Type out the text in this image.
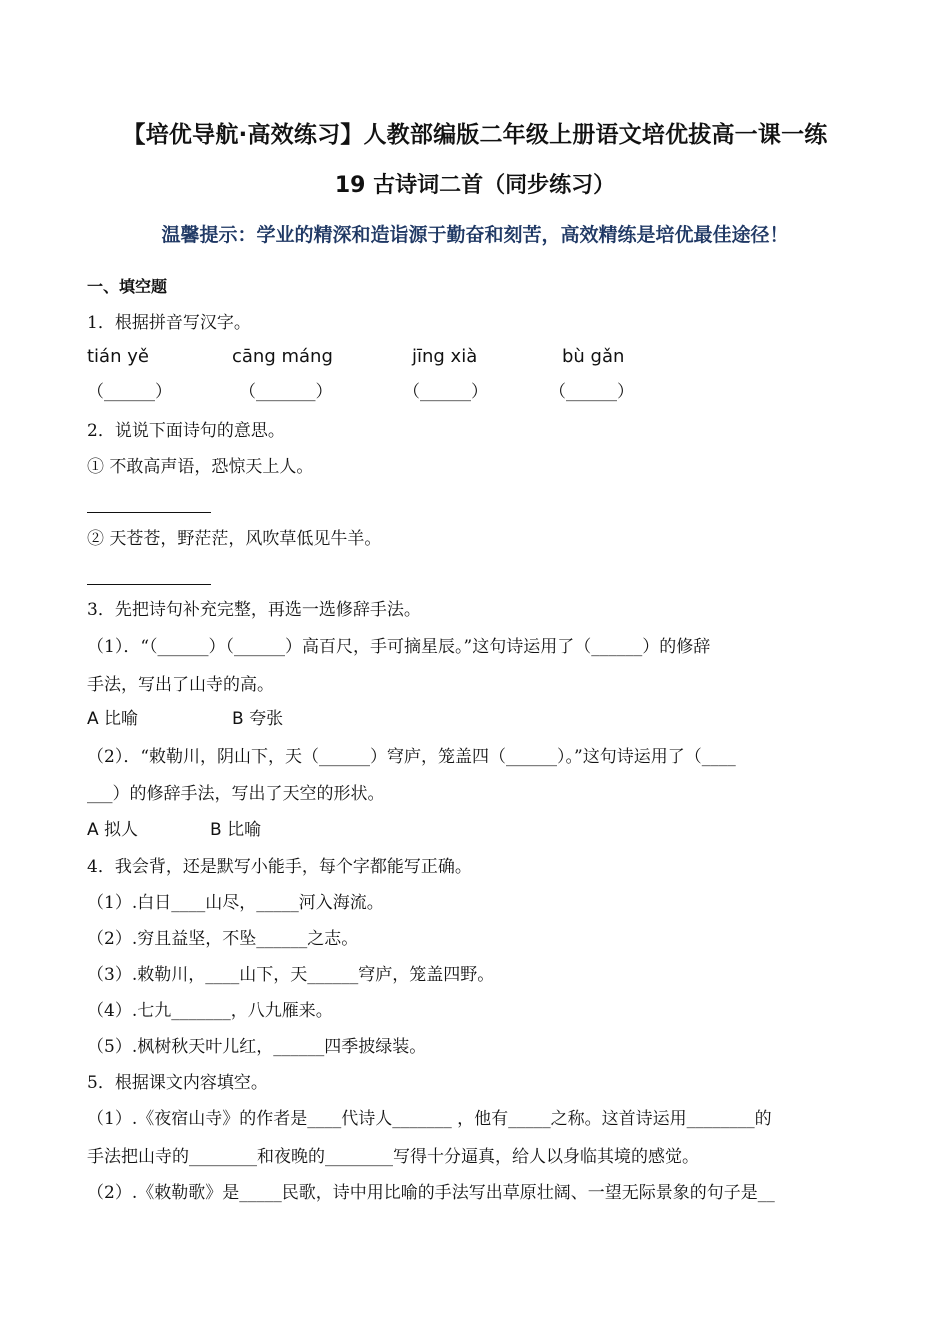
【培优导航·高效练习】人教部编版二年级上册语文培优拔高一课一练
19 古诗词二首（同步练习）
温馨提示：学业的精深和造诣源于勤奋和刻苦，高效精练是培优最佳途径！
一、填空题
1．根据拼音写汉字。
tián yě	cāng máng	jīng xià	bù gǎn
（______）	（_______）	（______）	（______）
2．说说下面诗句的意思。
① 不敢高声语，恐惊天上人。
② 天苍苍，野茫茫，风吹草低见牛羊。
3．先把诗句补充完整，再选一选修辞手法。
（1）．“（______）（______）高百尺，手可摘星辰。”这句诗运用了（______）的修辞
手法，写出了山寺的高。
A 比喻	B 夸张
（2）．“敕勒川，阴山下，天（______）穹庐，笼盖四（______）。”这句诗运用了（____
___）的修辞手法，写出了天空的形状。
A 拟人	B 比喻
4．我会背，还是默写小能手，每个字都能写正确。
（1）.白日____山尽，_____河入海流。
（2）.穷且益坚，不坠______之志。
（3）.敕勒川，____山下，天______穹庐，笼盖四野。
（4）.七九_______，八九雁来。
（5）.枫树秋天叶儿红，______四季披绿装。
5．根据课文内容填空。
（1）.《夜宿山寺》的作者是____代诗人_______ ，他有_____之称。这首诗运用________的
手法把山寺的________和夜晚的________写得十分逼真，给人以身临其境的感觉。
（2）.《敕勒歌》是_____民歌，诗中用比喻的手法写出草原壮阔、一望无际景象的句子是__
